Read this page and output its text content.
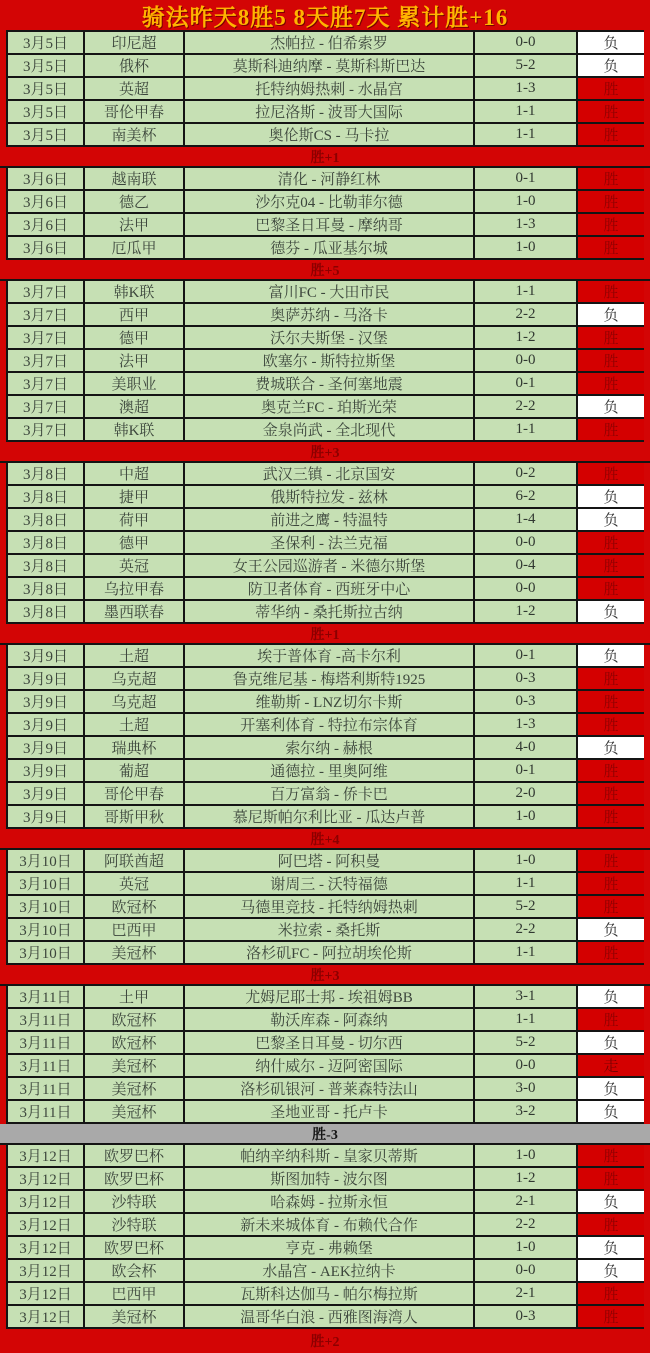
骑法昨天8胜5 8天胜7天 累计胜+16
3月5日	印尼超	杰帕拉 - 伯希索罗	0-0	负
3月5日	俄杯	莫斯科迪纳摩 - 莫斯科斯巴达	5-2	负
3月5日	英超	托特纳姆热刺 - 水晶宫	1-3	胜
3月5日	哥伦甲春	拉尼洛斯 - 波哥大国际	1-1	胜
3月5日	南美杯	奥伦斯CS - 马卡拉	1-1	胜
胜+1
3月6日	越南联	清化 - 河静红林	0-1	胜
3月6日	德乙	沙尔克04 - 比勒菲尔德	1-0	胜
3月6日	法甲	巴黎圣日耳曼 - 摩纳哥	1-3	胜
3月6日	厄瓜甲	德芬 - 瓜亚基尔城	1-0	胜
胜+5
3月7日	韩K联	富川FC - 大田市民	1-1	胜
3月7日	西甲	奥萨苏纳 - 马洛卡	2-2	负
3月7日	德甲	沃尔夫斯堡 - 汉堡	1-2	胜
3月7日	法甲	欧塞尔 - 斯特拉斯堡	0-0	胜
3月7日	美职业	费城联合 - 圣何塞地震	0-1	胜
3月7日	澳超	奥克兰FC - 珀斯光荣	2-2	负
3月7日	韩K联	金泉尚武 - 全北现代	1-1	胜
胜+3
3月8日	中超	武汉三镇 - 北京国安	0-2	胜
3月8日	捷甲	俄斯特拉发 - 兹林	6-2	负
3月8日	荷甲	前进之鹰 - 特温特	1-4	负
3月8日	德甲	圣保利 - 法兰克福	0-0	胜
3月8日	英冠	女王公园巡游者 - 米德尔斯堡	0-4	胜
3月8日	乌拉甲春	防卫者体育 - 西班牙中心	0-0	胜
3月8日	墨西联春	蒂华纳 - 桑托斯拉古纳	1-2	负
胜+1
3月9日	土超	埃于普体育 -高卡尔利	0-1	负
3月9日	乌克超	鲁克维尼基 - 梅塔利斯特1925	0-3	胜
3月9日	乌克超	维勒斯 - LNZ切尔卡斯	0-3	胜
3月9日	土超	开塞利体育 - 特拉布宗体育	1-3	胜
3月9日	瑞典杯	索尔纳 - 赫根	4-0	负
3月9日	葡超	通德拉 - 里奥阿维	0-1	胜
3月9日	哥伦甲春	百万富翁 - 侨卡巴	2-0	胜
3月9日	哥斯甲秋	慕尼斯帕尔利比亚 - 瓜达卢普	1-0	胜
胜+4
3月10日	阿联酋超	阿巴塔 - 阿积曼	1-0	胜
3月10日	英冠	谢周三 - 沃特福德	1-1	胜
3月10日	欧冠杯	马德里竞技 - 托特纳姆热刺	5-2	胜
3月10日	巴西甲	米拉索 - 桑托斯	2-2	负
3月10日	美冠杯	洛杉矶FC - 阿拉胡埃伦斯	1-1	胜
胜+3
3月11日	土甲	尤姆尼耶士邦 - 埃祖姆BB	3-1	负
3月11日	欧冠杯	勒沃库森 - 阿森纳	1-1	胜
3月11日	欧冠杯	巴黎圣日耳曼 - 切尔西	5-2	负
3月11日	美冠杯	纳什威尔 - 迈阿密国际	0-0	走
3月11日	美冠杯	洛杉矶银河 - 普莱森特法山	3-0	负
3月11日	美冠杯	圣地亚哥 - 托卢卡	3-2	负
胜-3
3月12日	欧罗巴杯	帕纳辛纳科斯 - 皇家贝蒂斯	1-0	胜
3月12日	欧罗巴杯	斯图加特 - 波尔图	1-2	胜
3月12日	沙特联	哈森姆 - 拉斯永恒	2-1	负
3月12日	沙特联	新未来城体育 - 布赖代合作	2-2	胜
3月12日	欧罗巴杯	亨克 - 弗赖堡	1-0	负
3月12日	欧会杯	水晶宫 - AEK拉纳卡	0-0	负
3月12日	巴西甲	瓦斯科达伽马 - 帕尔梅拉斯	2-1	胜
3月12日	美冠杯	温哥华白浪 - 西雅图海湾人	0-3	胜
胜+2
